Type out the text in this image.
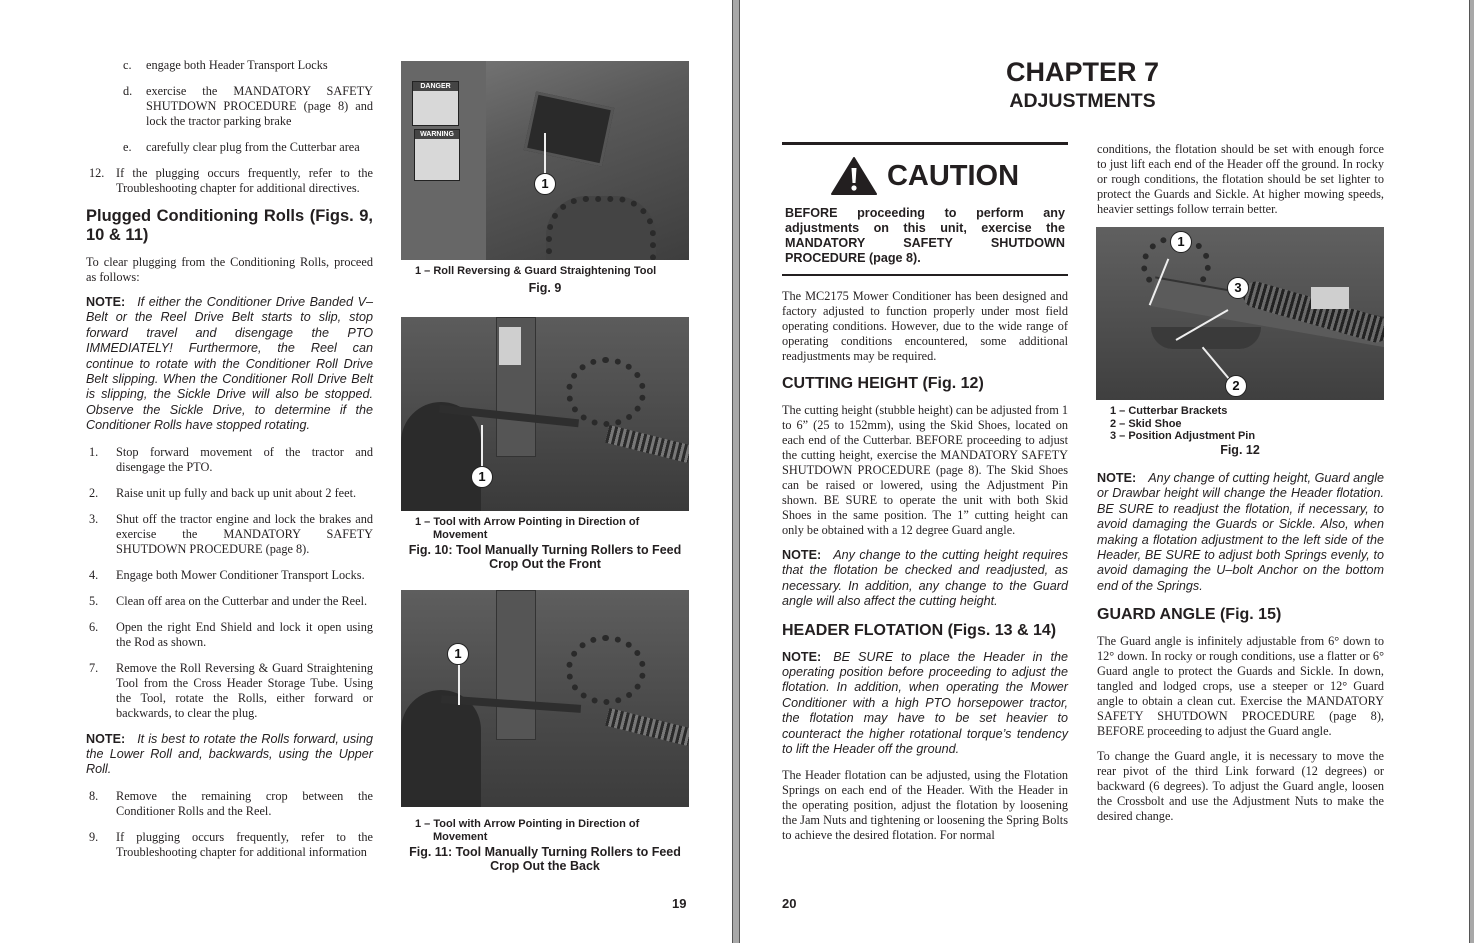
c. engage both Header Transport Locks
d. exercise the MANDATORY SAFETY SHUTDOWN PROCEDURE (page 8) and lock the tractor parking brake
e. carefully clear plug from the Cutterbar area
12. If the plugging occurs frequently, refer to the Troubleshooting chapter for additional directives.
Plugged Conditioning Rolls (Figs. 9, 10 & 11)
To clear plugging from the Conditioning Rolls, proceed as follows:
NOTE: If either the Conditioner Drive Banded V–Belt or the Reel Drive Belt starts to slip, stop forward travel and disengage the PTO IMMEDIATELY! Furthermore, the Reel can continue to rotate with the Conditioner Roll Drive Belt slipping. When the Conditioner Roll Drive Belt is slipping, the Sickle Drive will also be stopped. Observe the Sickle Drive, to determine if the Conditioner Rolls have stopped rotating.
1. Stop forward movement of the tractor and disengage the PTO.
2. Raise unit up fully and back up unit about 2 feet.
3. Shut off the tractor engine and lock the brakes and exercise the MANDATORY SAFETY SHUTDOWN PROCEDURE (page 8).
4. Engage both Mower Conditioner Transport Locks.
5. Clean off area on the Cutterbar and under the Reel.
6. Open the right End Shield and lock it open using the Rod as shown.
7. Remove the Roll Reversing & Guard Straightening Tool from the Cross Header Storage Tube. Using the Tool, rotate the Rolls, either forward or backwards, to clear the plug.
NOTE: It is best to rotate the Rolls forward, using the Lower Roll and, backwards, using the Upper Roll.
8. Remove the remaining crop between the Conditioner Rolls and the Reel.
9. If plugging occurs frequently, refer to the Troubleshooting chapter for additional information
DANGER
WARNING
1
1 – Roll Reversing & Guard Straightening Tool
Fig. 9
1
1 – Tool with Arrow Pointing in Direction of Movement
Fig. 10: Tool Manually Turning Rollers to Feed Crop Out the Front
1
1 – Tool with Arrow Pointing in Direction of Movement
Fig. 11: Tool Manually Turning Rollers to Feed Crop Out the Back
19
CHAPTER 7
ADJUSTMENTS
CAUTION
BEFORE proceeding to perform any adjustments on this unit, exercise the MANDATORY SAFETY SHUTDOWN PROCEDURE (page 8).
The MC2175 Mower Conditioner has been designed and factory adjusted to function properly under most field operating conditions. However, due to the wide range of operating conditions encountered, some additional readjustments may be required.
CUTTING HEIGHT (Fig. 12)
The cutting height (stubble height) can be adjusted from 1 to 6” (25 to 152mm), using the Skid Shoes, located on each end of the Cutterbar. BEFORE proceeding to adjust the cutting height, exercise the MANDATORY SAFETY SHUTDOWN PROCEDURE (page 8). The Skid Shoes can be raised or lowered, using the Adjustment Pin shown. BE SURE to operate the unit with both Skid Shoes in the same position. The 1” cutting height can only be obtained with a 12 degree Guard angle.
NOTE: Any change to the cutting height requires that the flotation be checked and readjusted, as necessary. In addition, any change to the Guard angle will also affect the cutting height.
HEADER FLOTATION (Figs. 13 & 14)
NOTE: BE SURE to place the Header in the operating position before proceeding to adjust the flotation. In addition, when operating the Mower Conditioner with a high PTO horsepower tractor, the flotation may have to be set heavier to counteract the higher rotational torque’s tendency to lift the Header off the ground.
The Header flotation can be adjusted, using the Flotation Springs on each end of the Header. With the Header in the operating position, adjust the flotation by loosening the Jam Nuts and tightening or loosening the Spring Bolts to achieve the desired flotation. For normal
conditions, the flotation should be set with enough force to just lift each end of the Header off the ground. In rocky or rough conditions, the flotation should be set lighter to protect the Guards and Sickle. At higher mowing speeds, heavier settings follow terrain better.
1
2
3
1 – Cutterbar Brackets
2 – Skid Shoe
3 – Position Adjustment Pin
Fig. 12
NOTE: Any change of cutting height, Guard angle or Drawbar height will change the Header flotation. BE SURE to readjust the flotation, if necessary, to avoid damaging the Guards or Sickle. Also, when making a flotation adjustment to the left side of the Header, BE SURE to adjust both Springs evenly, to avoid damaging the U–bolt Anchor on the bottom end of the Springs.
GUARD ANGLE (Fig. 15)
The Guard angle is infinitely adjustable from 6° down to 12° down. In rocky or rough conditions, use a flatter or 6° Guard angle to protect the Guards and Sickle. In down, tangled and lodged crops, use a steeper or 12° Guard angle to obtain a clean cut. Exercise the MANDATORY SAFETY SHUTDOWN PROCEDURE (page 8), BEFORE proceeding to adjust the Guard angle.
To change the Guard angle, it is necessary to move the rear pivot of the third Link forward (12 degrees) or backward (6 degrees). To adjust the Guard angle, loosen the Crossbolt and use the Adjustment Nuts to make the desired change.
20
